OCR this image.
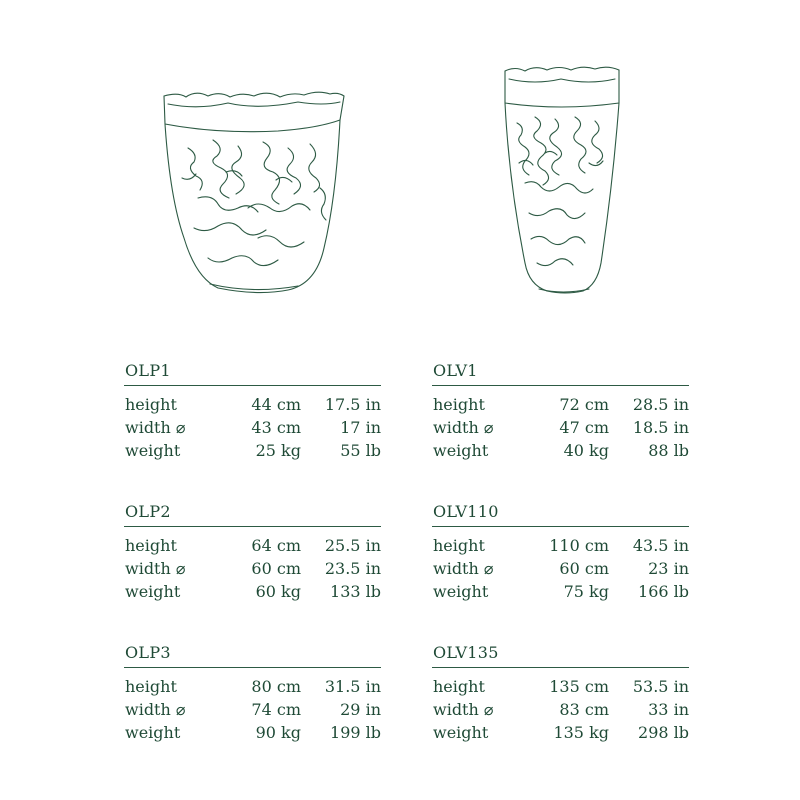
OLP1
height	44 cm	17.5 in
width ⌀	43 cm	17 in
weight	25 kg	55 lb
OLP2
height	64 cm	25.5 in
width ⌀	60 cm	23.5 in
weight	60 kg	133 lb
OLP3
height	80 cm	31.5 in
width ⌀	74 cm	29 in
weight	90 kg	199 lb
OLV1
height	72 cm	28.5 in
width ⌀	47 cm	18.5 in
weight	40 kg	88 lb
OLV110
height	110 cm	43.5 in
width ⌀	60 cm	23 in
weight	75 kg	166 lb
OLV135
height	135 cm	53.5 in
width ⌀	83 cm	33 in
weight	135 kg	298 lb
